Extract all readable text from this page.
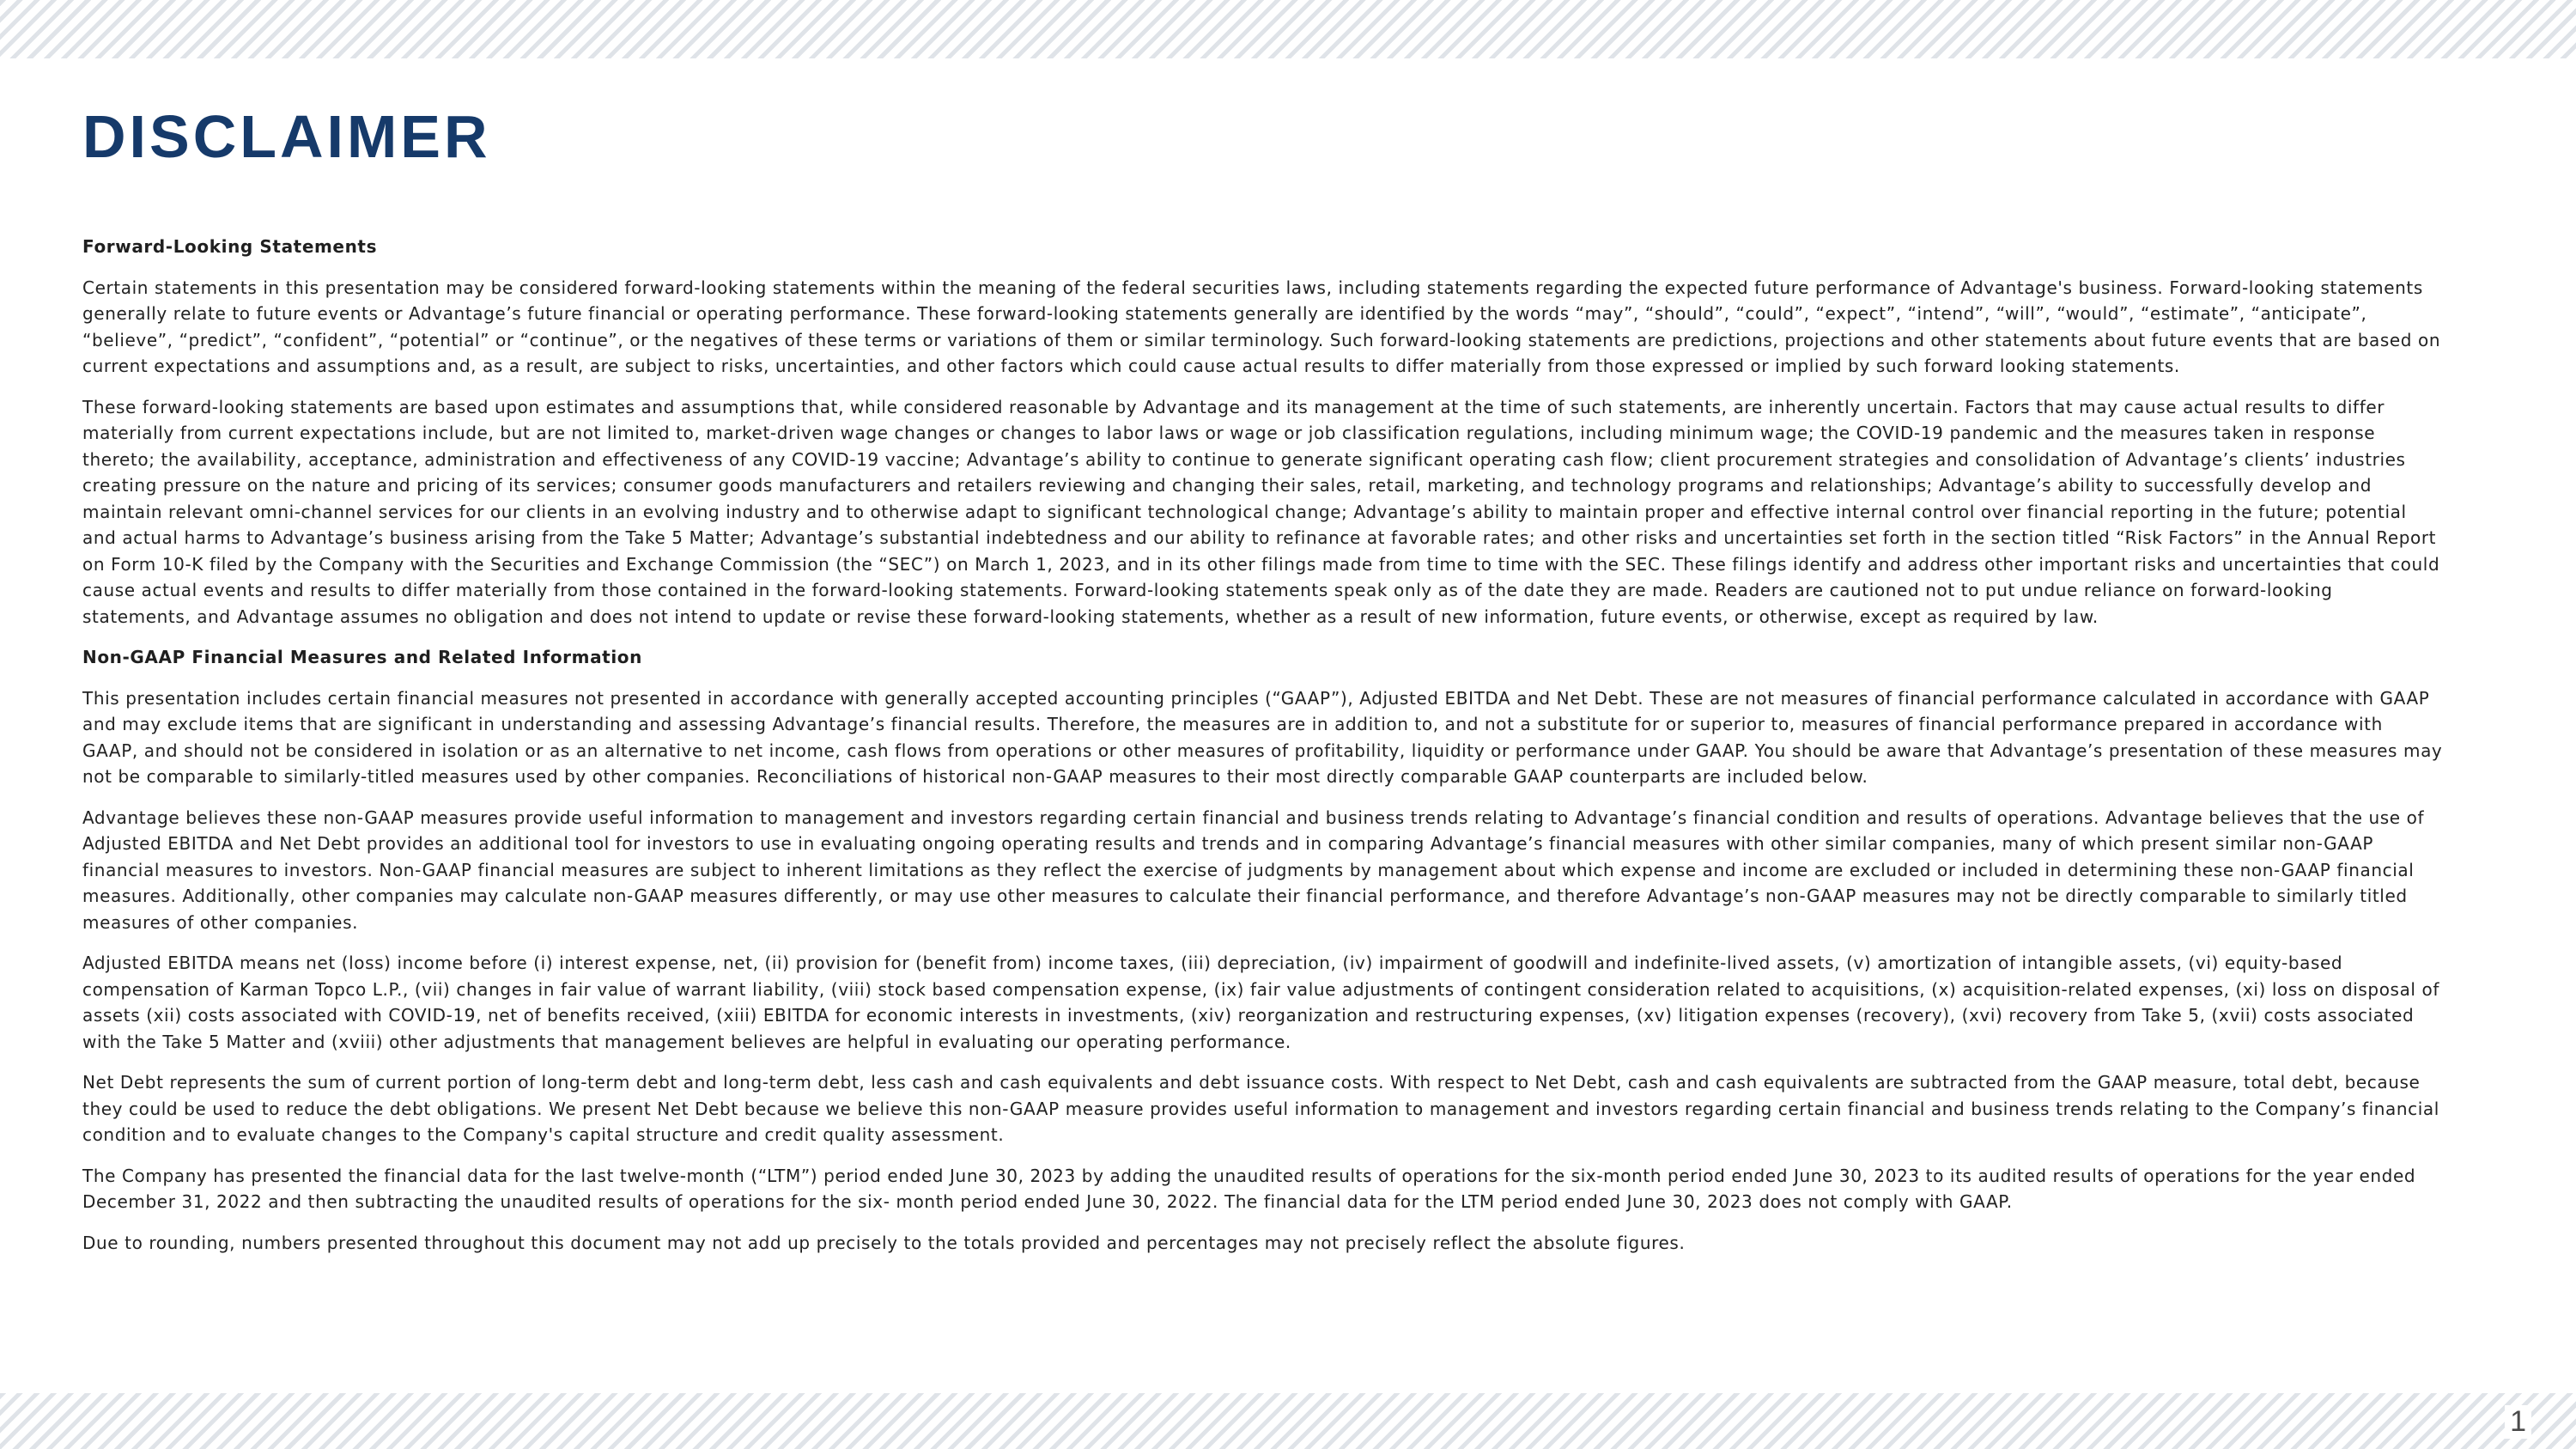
DISCLAIMER
Forward-Looking Statements

Certain statements in this presentation may be considered forward-looking statements within the meaning of the federal securities laws, including statements regarding the expected future performance of Advantage's business. Forward-looking statements generally relate to future events or Advantage’s future financial or operating performance. These forward-looking statements generally are identified by the words “may”, “should”, “could”, “expect”, “intend”, “will”, “would”, “estimate”, “anticipate”, “believe”, “predict”, “confident”, “potential” or “continue”, or the negatives of these terms or variations of them or similar terminology. Such forward-looking statements are predictions, projections and other statements about future events that are based on current expectations and assumptions and, as a result, are subject to risks, uncertainties, and other factors which could cause actual results to differ materially from those expressed or implied by such forward looking statements.

These forward-looking statements are based upon estimates and assumptions that, while considered reasonable by Advantage and its management at the time of such statements, are inherently uncertain. Factors that may cause actual results to differ materially from current expectations include, but are not limited to, market-driven wage changes or changes to labor laws or wage or job classification regulations, including minimum wage; the COVID-19 pandemic and the measures taken in response thereto; the availability, acceptance, administration and effectiveness of any COVID-19 vaccine; Advantage’s ability to continue to generate significant operating cash flow; client procurement strategies and consolidation of Advantage’s clients’ industries creating pressure on the nature and pricing of its services; consumer goods manufacturers and retailers reviewing and changing their sales, retail, marketing, and technology programs and relationships; Advantage’s ability to successfully develop and maintain relevant omni-channel services for our clients in an evolving industry and to otherwise adapt to significant technological change; Advantage’s ability to maintain proper and effective internal control over financial reporting in the future; potential and actual harms to Advantage’s business arising from the Take 5 Matter; Advantage’s substantial indebtedness and our ability to refinance at favorable rates; and other risks and uncertainties set forth in the section titled “Risk Factors” in the Annual Report on Form 10-K filed by the Company with the Securities and Exchange Commission (the “SEC”) on March 1, 2023, and in its other filings made from time to time with the SEC. These filings identify and address other important risks and uncertainties that could cause actual events and results to differ materially from those contained in the forward-looking statements. Forward-looking statements speak only as of the date they are made. Readers are cautioned not to put undue reliance on forward-looking statements, and Advantage assumes no obligation and does not intend to update or revise these forward-looking statements, whether as a result of new information, future events, or otherwise, except as required by law.

Non-GAAP Financial Measures and Related Information

This presentation includes certain financial measures not presented in accordance with generally accepted accounting principles (“GAAP”), Adjusted EBITDA and Net Debt. These are not measures of financial performance calculated in accordance with GAAP and may exclude items that are significant in understanding and assessing Advantage’s financial results. Therefore, the measures are in addition to, and not a substitute for or superior to, measures of financial performance prepared in accordance with GAAP, and should not be considered in isolation or as an alternative to net income, cash flows from operations or other measures of profitability, liquidity or performance under GAAP. You should be aware that Advantage’s presentation of these measures may not be comparable to similarly-titled measures used by other companies. Reconciliations of historical non-GAAP measures to their most directly comparable GAAP counterparts are included below.

Advantage believes these non-GAAP measures provide useful information to management and investors regarding certain financial and business trends relating to Advantage’s financial condition and results of operations. Advantage believes that the use of Adjusted EBITDA and Net Debt provides an additional tool for investors to use in evaluating ongoing operating results and trends and in comparing Advantage’s financial measures with other similar companies, many of which present similar non-GAAP financial measures to investors. Non-GAAP financial measures are subject to inherent limitations as they reflect the exercise of judgments by management about which expense and income are excluded or included in determining these non-GAAP financial measures. Additionally, other companies may calculate non-GAAP measures differently, or may use other measures to calculate their financial performance, and therefore Advantage’s non-GAAP measures may not be directly comparable to similarly titled measures of other companies.

Adjusted EBITDA means net (loss) income before (i) interest expense, net, (ii) provision for (benefit from) income taxes, (iii) depreciation, (iv) impairment of goodwill and indefinite-lived assets, (v) amortization of intangible assets, (vi) equity-based compensation of Karman Topco L.P., (vii) changes in fair value of warrant liability, (viii) stock based compensation expense, (ix) fair value adjustments of contingent consideration related to acquisitions, (x) acquisition-related expenses, (xi) loss on disposal of assets (xii) costs associated with COVID-19, net of benefits received, (xiii) EBITDA for economic interests in investments, (xiv) reorganization and restructuring expenses, (xv) litigation expenses (recovery), (xvi) recovery from Take 5, (xvii) costs associated with the Take 5 Matter and (xviii) other adjustments that management believes are helpful in evaluating our operating performance.

Net Debt represents the sum of current portion of long-term debt and long-term debt, less cash and cash equivalents and debt issuance costs. With respect to Net Debt, cash and cash equivalents are subtracted from the GAAP measure, total debt, because they could be used to reduce the debt obligations. We present Net Debt because we believe this non-GAAP measure provides useful information to management and investors regarding certain financial and business trends relating to the Company’s financial condition and to evaluate changes to the Company's capital structure and credit quality assessment.

The Company has presented the financial data for the last twelve-month (“LTM”) period ended June 30, 2023 by adding the unaudited results of operations for the six-month period ended June 30, 2023 to its audited results of operations for the year ended December 31, 2022 and then subtracting the unaudited results of operations for the six- month period ended June 30, 2022. The financial data for the LTM period ended June 30, 2023 does not comply with GAAP.

Due to rounding, numbers presented throughout this document may not add up precisely to the totals provided and percentages may not precisely reflect the absolute figures.

1
